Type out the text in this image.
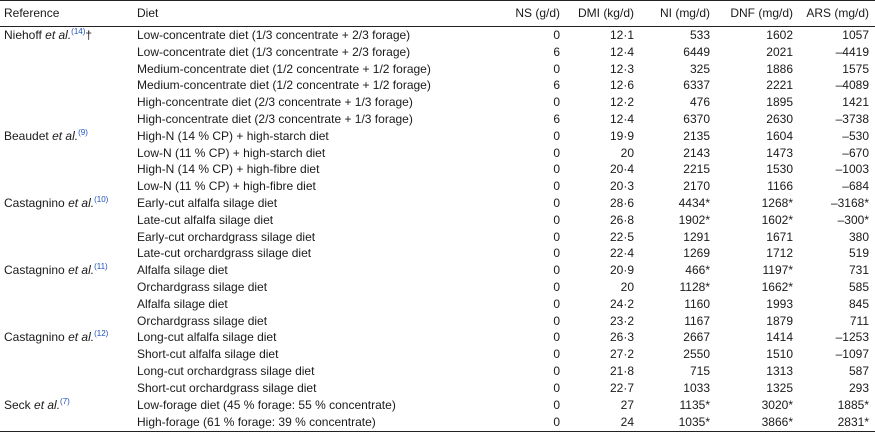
Reference	Diet	NS (g/d)	DMI (kg/d)	NI (mg/d)	DNF (mg/d)	ARS (mg/d)
Niehoff et al.$^{(14)}$†	Low-concentrate diet (1/3 concentrate + 2/3 forage)	0	12·1	533	1602	1057
	Low-concentrate diet (1/3 concentrate + 2/3 forage)	6	12·4	6449	2021	–4419
	Medium-concentrate diet (1/2 concentrate + 1/2 forage)	0	12·3	325	1886	1575
	Medium-concentrate diet (1/2 concentrate + 1/2 forage)	6	12·6	6337	2221	–4089
	High-concentrate diet (2/3 concentrate + 1/3 forage)	0	12·2	476	1895	1421
	High-concentrate diet (2/3 concentrate + 1/3 forage)	6	12·4	6370	2630	–3738
Beaudet et al.$^{(9)}$	High-N (14 % CP) + high-starch diet	0	19·9	2135	1604	–530
	Low-N (11 % CP) + high-starch diet	0	20	2143	1473	–670
	High-N (14 % CP) + high-fibre diet	0	20·4	2215	1530	–1003
	Low-N (11 % CP) + high-fibre diet	0	20·3	2170	1166	–684
Castagnino et al.$^{(10)}$	Early-cut alfalfa silage diet	0	28·6	4434*	1268*	–3168*
	Late-cut alfalfa silage diet	0	26·8	1902*	1602*	–300*
	Early-cut orchardgrass silage diet	0	22·5	1291	1671	380
	Late-cut orchardgrass silage diet	0	22·4	1269	1712	519
Castagnino et al.$^{(11)}$	Alfalfa silage diet	0	20·9	466*	1197*	731
	Orchardgrass silage diet	0	20	1128*	1662*	585
	Alfalfa silage diet	0	24·2	1160	1993	845
	Orchardgrass silage diet	0	23·2	1167	1879	711
Castagnino et al.$^{(12)}$	Long-cut alfalfa silage diet	0	26·3	2667	1414	–1253
	Short-cut alfalfa silage diet	0	27·2	2550	1510	–1097
	Long-cut orchardgrass silage diet	0	21·8	715	1313	587
	Short-cut orchardgrass silage diet	0	22·7	1033	1325	293
Seck et al.$^{(7)}$	Low-forage diet (45 % forage: 55 % concentrate)	0	27	1135*	3020*	1885*
	High-forage (61 % forage: 39 % concentrate)	0	24	1035*	3866*	2831*
